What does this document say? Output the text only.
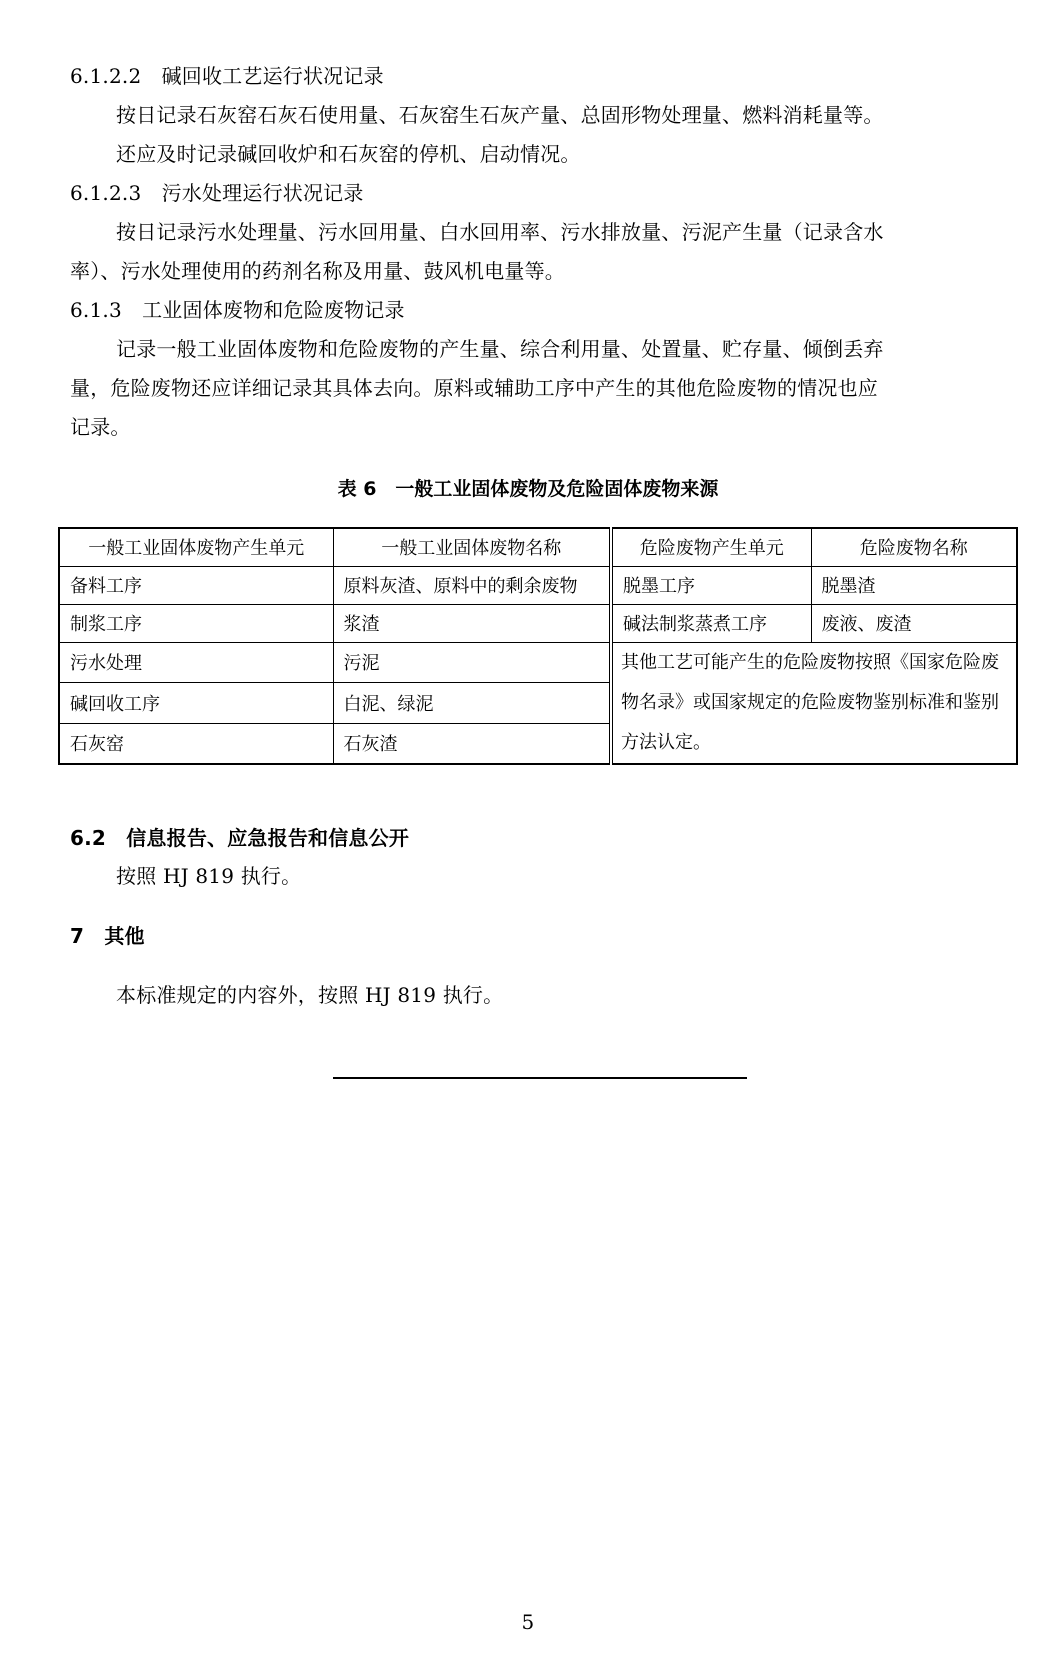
6.1.2.2　碱回收工艺运行状况记录
按日记录石灰窑石灰石使用量、石灰窑生石灰产量、总固形物处理量、燃料消耗量等。
还应及时记录碱回收炉和石灰窑的停机、启动情况。
6.1.2.3　污水处理运行状况记录
按日记录污水处理量、污水回用量、白水回用率、污水排放量、污泥产生量（记录含水
率）、污水处理使用的药剂名称及用量、鼓风机电量等。
6.1.3　工业固体废物和危险废物记录
记录一般工业固体废物和危险废物的产生量、综合利用量、处置量、贮存量、倾倒丢弃
量，危险废物还应详细记录其具体去向。原料或辅助工序中产生的其他危险废物的情况也应
记录。
表 6　一般工业固体废物及危险固体废物来源
一般工业固体废物产生单元	一般工业固体废物名称	危险废物产生单元	危险废物名称
备料工序	原料灰渣、原料中的剩余废物	脱墨工序	脱墨渣
制浆工序	浆渣	碱法制浆蒸煮工序	废液、废渣
污水处理	污泥	其他工艺可能产生的危险废物按照《国家危险废物名录》或国家规定的危险废物鉴别标准和鉴别方法认定。	
碱回收工序	白泥、绿泥		
石灰窑	石灰渣		
6.2　信息报告、应急报告和信息公开
按照 HJ 819 执行。
7　其他
本标准规定的内容外，按照 HJ 819 执行。
5
